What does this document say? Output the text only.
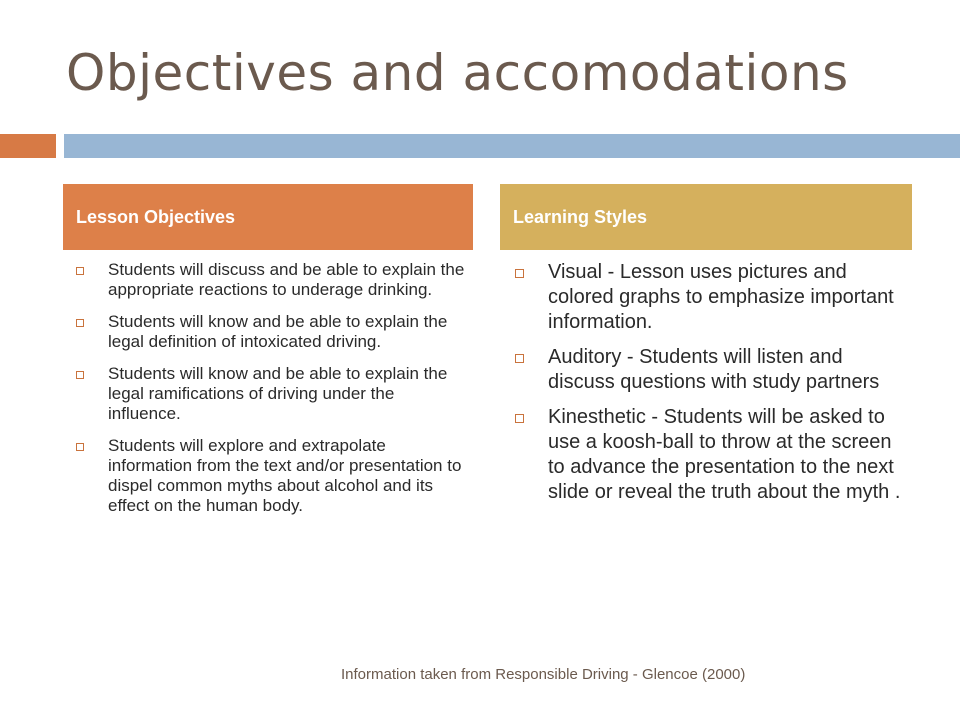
Objectives and accomodations
Lesson Objectives	Learning Styles
Students will discuss and be able to explain the appropriate reactions to underage drinking.
Students will know and be able to explain the legal definition of intoxicated driving.
Students will know and be able to explain the legal ramifications of driving under the influence.
Students will explore and extrapolate information from the text and/or presentation to dispel common myths about alcohol and its effect on the human body.
Visual - Lesson uses pictures and colored graphs to emphasize important information.
Auditory - Students will listen and discuss questions with study partners
Kinesthetic - Students will be asked to use a koosh-ball to throw at the screen to advance the presentation to the next slide or reveal the truth about the myth .
Information taken from Responsible Driving - Glencoe (2000)
